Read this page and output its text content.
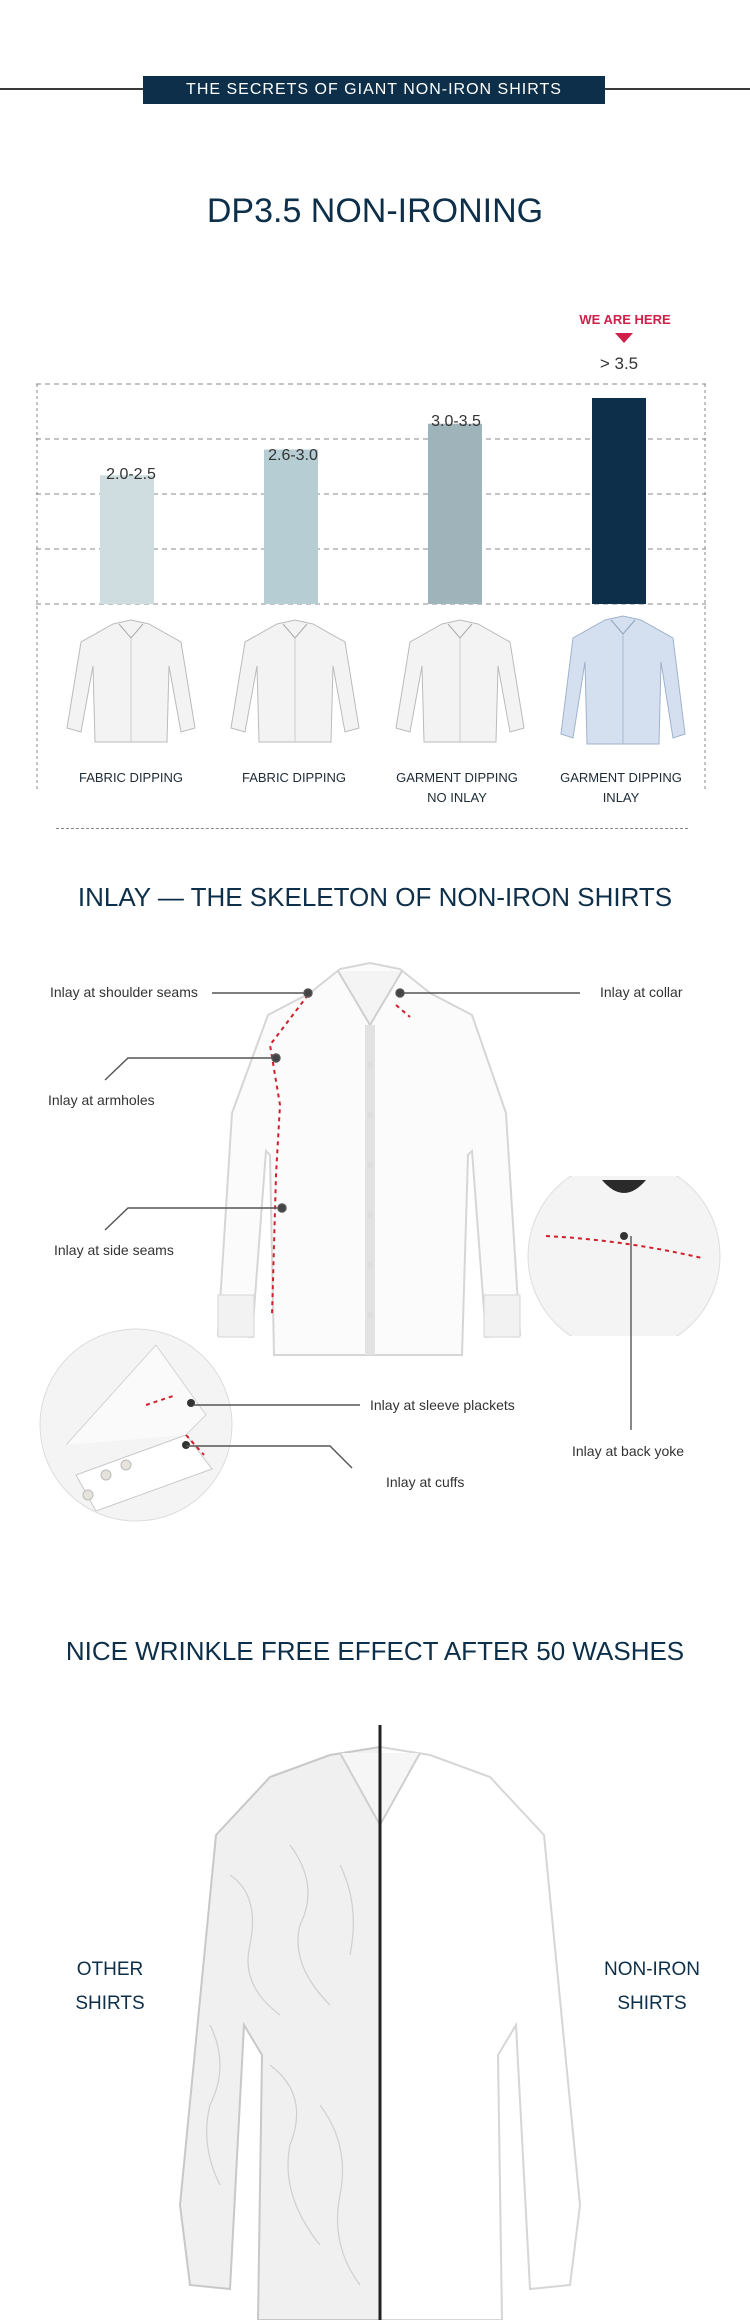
THE SECRETS OF GIANT NON-IRON SHIRTS
DP3.5 NON-IRONING
WE ARE HERE
2.0-2.5
2.6-3.0
3.0-3.5
> 3.5
FABRIC DIPPING	FABRIC DIPPING	GARMENT DIPPING
NO INLAY
GARMENT DIPPING
INLAY
INLAY — THE SKELETON OF NON-IRON SHIRTS
Inlay at shoulder seams	Inlay at collar
Inlay at armholes
Inlay at side seams
Inlay at back yoke
Inlay at sleeve plackets
Inlay at cuffs
NICE WRINKLE FREE EFFECT AFTER 50 WASHES
OTHER
SHIRTS
NON-IRON
SHIRTS
